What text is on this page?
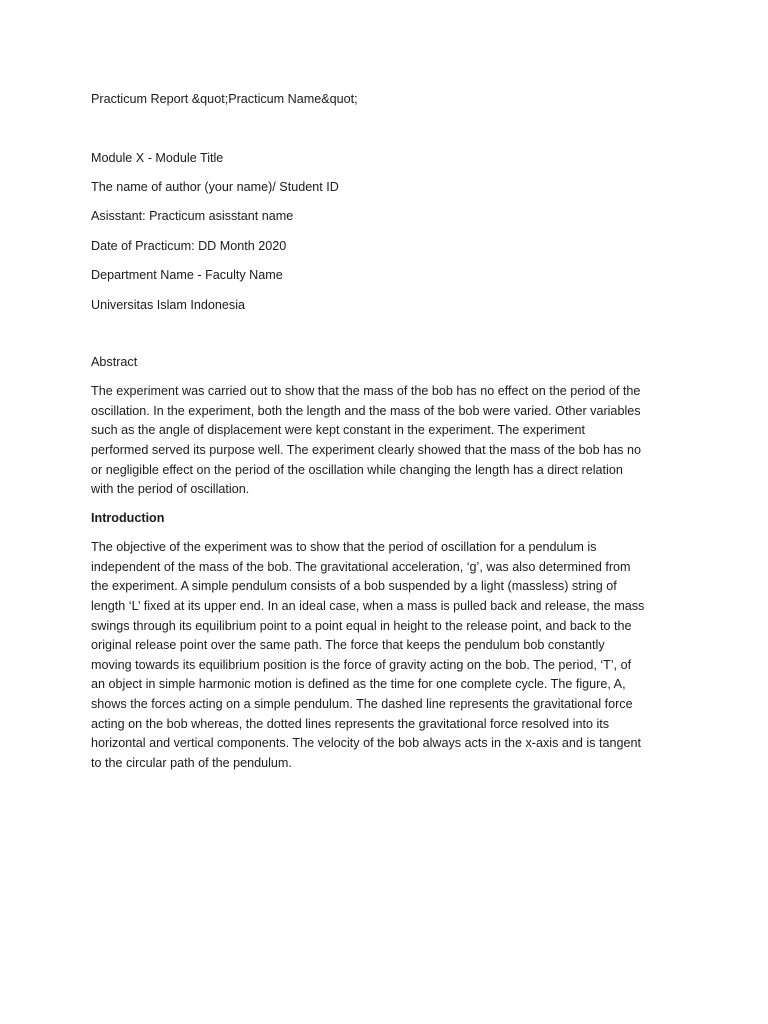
Practicum Report &quot;Practicum Name&quot;

Module X - Module Title

The name of author (your name)/ Student ID

Asisstant: Practicum asisstant name

Date of Practicum: DD Month 2020

Department Name - Faculty Name

Universitas Islam Indonesia

Abstract

The experiment was carried out to show that the mass of the bob has no effect on the period of the
oscillation. In the experiment, both the length and the mass of the bob were varied. Other variables
such as the angle of displacement were kept constant in the experiment. The experiment
performed served its purpose well. The experiment clearly showed that the mass of the bob has no
or negligible effect on the period of the oscillation while changing the length has a direct relation
with the period of oscillation.

Introduction

The objective of the experiment was to show that the period of oscillation for a pendulum is
independent of the mass of the bob. The gravitational acceleration, ‘g’, was also determined from
the experiment. A simple pendulum consists of a bob suspended by a light (massless) string of
length ‘L’ fixed at its upper end. In an ideal case, when a mass is pulled back and release, the mass
swings through its equilibrium point to a point equal in height to the release point, and back to the
original release point over the same path. The force that keeps the pendulum bob constantly
moving towards its equilibrium position is the force of gravity acting on the bob. The period, ‘T’, of
an object in simple harmonic motion is defined as the time for one complete cycle. The figure, A,
shows the forces acting on a simple pendulum. The dashed line represents the gravitational force
acting on the bob whereas, the dotted lines represents the gravitational force resolved into its
horizontal and vertical components. The velocity of the bob always acts in the x-axis and is tangent
to the circular path of the pendulum.
